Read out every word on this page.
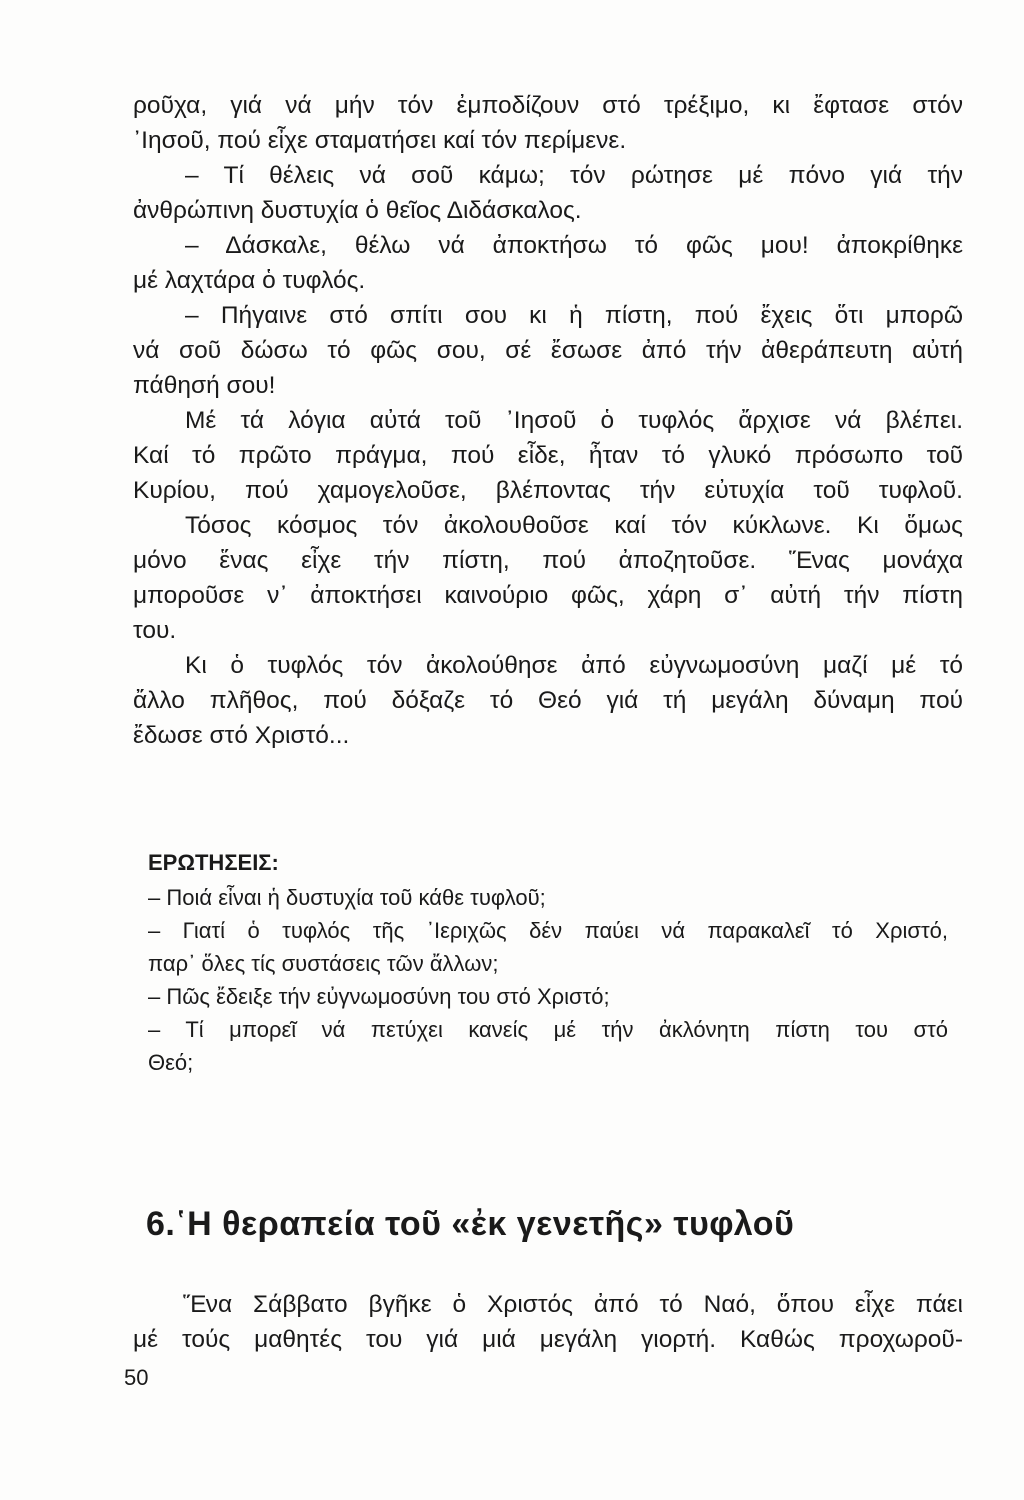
ροῦχα, γιά νά μήν τόν ἐμποδίζουν στό τρέξιμο, κι ἔφτασε στόν
᾿Ιησοῦ, πού εἶχε σταματήσει καί τόν περίμενε.
– Τί θέλεις νά σοῦ κάμω; τόν ρώτησε μέ πόνο γιά τήν
ἀνθρώπινη δυστυχία ὁ θεῖος Διδάσκαλος.
– Δάσκαλε, θέλω νά ἀποκτήσω τό φῶς μου! ἀποκρίθηκε
μέ λαχτάρα ὁ τυφλός.
– Πήγαινε στό σπίτι σου κι ἡ πίστη, πού ἔχεις ὅτι μπορῶ
νά σοῦ δώσω τό φῶς σου, σέ ἔσωσε ἀπό τήν ἀθεράπευτη αὐτή
πάθησή σου!
Μέ τά λόγια αὐτά τοῦ ᾿Ιησοῦ ὁ τυφλός ἄρχισε νά βλέπει.
Καί τό πρῶτο πράγμα, πού εἶδε, ἦταν τό γλυκό πρόσωπο τοῦ
Κυρίου, πού χαμογελοῦσε, βλέποντας τήν εὐτυχία τοῦ τυφλοῦ.
Τόσος κόσμος τόν ἀκολουθοῦσε καί τόν κύκλωνε. Κι ὅμως
μόνο ἕνας εἶχε τήν πίστη, πού ἀποζητοῦσε. Ἕνας μονάχα
μποροῦσε ν᾿ ἀποκτήσει καινούριο φῶς, χάρη σ᾿ αὐτή τήν πίστη
του.
Κι ὁ τυφλός τόν ἀκολούθησε ἀπό εὐγνωμοσύνη μαζί μέ τό
ἄλλο πλῆθος, πού δόξαζε τό Θεό γιά τή μεγάλη δύναμη πού
ἔδωσε στό Χριστό...
ΕΡΩΤΗΣΕΙΣ:
– Ποιά εἶναι ἡ δυστυχία τοῦ κάθε τυφλοῦ;
– Γιατί ὁ τυφλός τῆς ᾿Ιεριχῶς δέν παύει νά παρακαλεῖ τό Χριστό,
παρ᾿ ὅλες τίς συστάσεις τῶν ἄλλων;
– Πῶς ἔδειξε τήν εὐγνωμοσύνη του στό Χριστό;
– Τί μπορεῖ νά πετύχει κανείς μέ τήν ἀκλόνητη πίστη του στό
Θεό;
6.῾Η θεραπεία τοῦ «ἐκ γενετῆς» τυφλοῦ
Ἕνα Σάββατο βγῆκε ὁ Χριστός ἀπό τό Ναό, ὅπου εἶχε πάει
μέ τούς μαθητές του γιά μιά μεγάλη γιορτή. Καθώς προχωροῦ-
50
